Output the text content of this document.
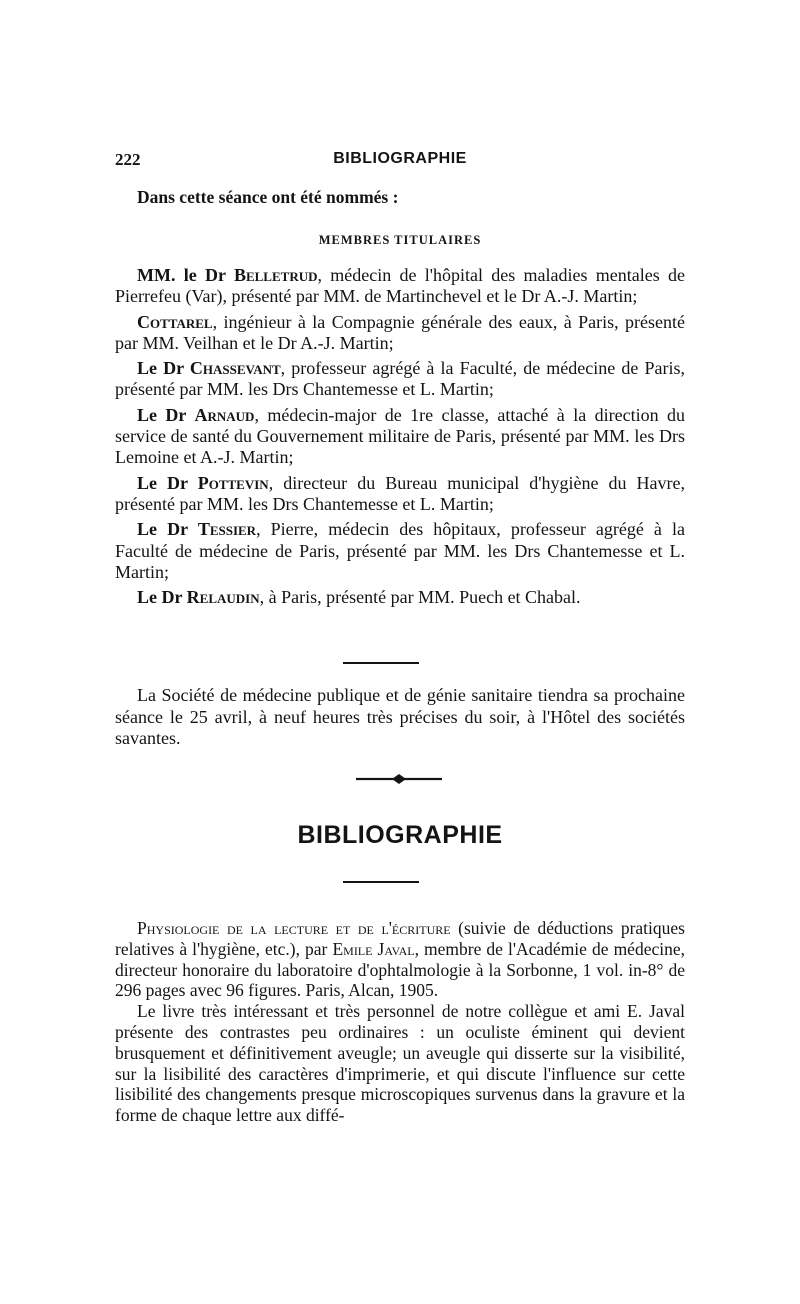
222	BIBLIOGRAPHIE

Dans cette séance ont été nommés :

MEMBRES TITULAIRES

MM. le Dr Belletrud, médecin de l'hôpital des maladies mentales de Pierrefeu (Var), présenté par MM. de Martinchevel et le Dr A.-J. Martin;

Cottarel, ingénieur à la Compagnie générale des eaux, à Paris, présenté par MM. Veilhan et le Dr A.-J. Martin;

Le Dr Chassevant, professeur agrégé à la Faculté, de médecine de Paris, présenté par MM. les Drs Chantemesse et L. Martin;

Le Dr Arnaud, médecin-major de 1re classe, attaché à la direction du service de santé du Gouvernement militaire de Paris, présenté par MM. les Drs Lemoine et A.-J. Martin;

Le Dr Pottevin, directeur du Bureau municipal d'hygiène du Havre, présenté par MM. les Drs Chantemesse et L. Martin;

Le Dr Tessier, Pierre, médecin des hôpitaux, professeur agrégé à la Faculté de médecine de Paris, présenté par MM. les Drs Chantemesse et L. Martin;

Le Dr Relaudin, à Paris, présenté par MM. Puech et Chabal.

La Société de médecine publique et de génie sanitaire tiendra sa prochaine séance le 25 avril, à neuf heures très précises du soir, à l'Hôtel des sociétés savantes.

BIBLIOGRAPHIE

Physiologie de la lecture et de l'écriture (suivie de déductions pratiques relatives à l'hygiène, etc.), par Emile Javal, membre de l'Académie de médecine, directeur honoraire du laboratoire d'ophtalmologie à la Sorbonne, 1 vol. in-8° de 296 pages avec 96 figures. Paris, Alcan, 1905.

Le livre très intéressant et très personnel de notre collègue et ami E. Javal présente des contrastes peu ordinaires : un oculiste éminent qui devient brusquement et définitivement aveugle; un aveugle qui disserte sur la visibilité, sur la lisibilité des caractères d'imprimerie, et qui discute l'influence sur cette lisibilité des changements presque microscopiques survenus dans la gravure et la forme de chaque lettre aux diffé-
